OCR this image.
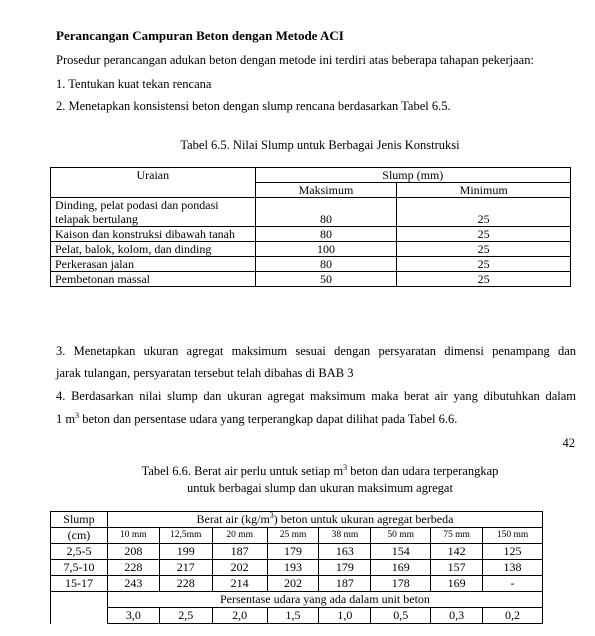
Perancangan Campuran Beton dengan Metode ACI
Prosedur perancangan adukan beton dengan metode ini terdiri atas beberapa tahapan pekerjaan:
1. Tentukan kuat tekan rencana
2. Menetapkan konsistensi beton dengan slump rencana berdasarkan Tabel 6.5.
Tabel 6.5. Nilai Slump untuk Berbagai Jenis Konstruksi
Uraian	Slump (mm)	
	Maksimum	Minimum
Dinding, pelat podasi dan pondasi telapak bertulang	80	25
Kaison dan konstruksi dibawah tanah	80	25
Pelat, balok, kolom, dan dinding	100	25
Perkerasan jalan	80	25
Pembetonan massal	50	25
3. Menetapkan ukuran agregat maksimum sesuai dengan persyaratan dimensi penampang dan
jarak tulangan, persyaratan tersebut telah dibahas di BAB 3
4. Berdasarkan nilai slump dan ukuran agregat maksimum maka berat air yang dibutuhkan dalam
1 $m^3$ beton dan persentase udara yang terperangkap dapat dilihat pada Tabel 6.6.
42
Tabel 6.6. Berat air perlu untuk setiap $m^3$ beton dan udara terperangkap
untuk berbagai slump dan ukuran maksimum agregat
Slump	Berat air $(kg/m^3)$ beton untuk ukuran agregat berbeda							
(cm)	10 mm	12,5mm	20 mm	25 mm	38 mm	50 mm	75 mm	150 mm
2,5-5	208	199	187	179	163	154	142	125
7,5-10	228	217	202	193	179	169	157	138
15-17	243	228	214	202	187	178	169	-
	Persentase udara yang ada dalam unit beton							
	3,0	2,5	2,0	1,5	1,0	0,5	0,3	0,2
